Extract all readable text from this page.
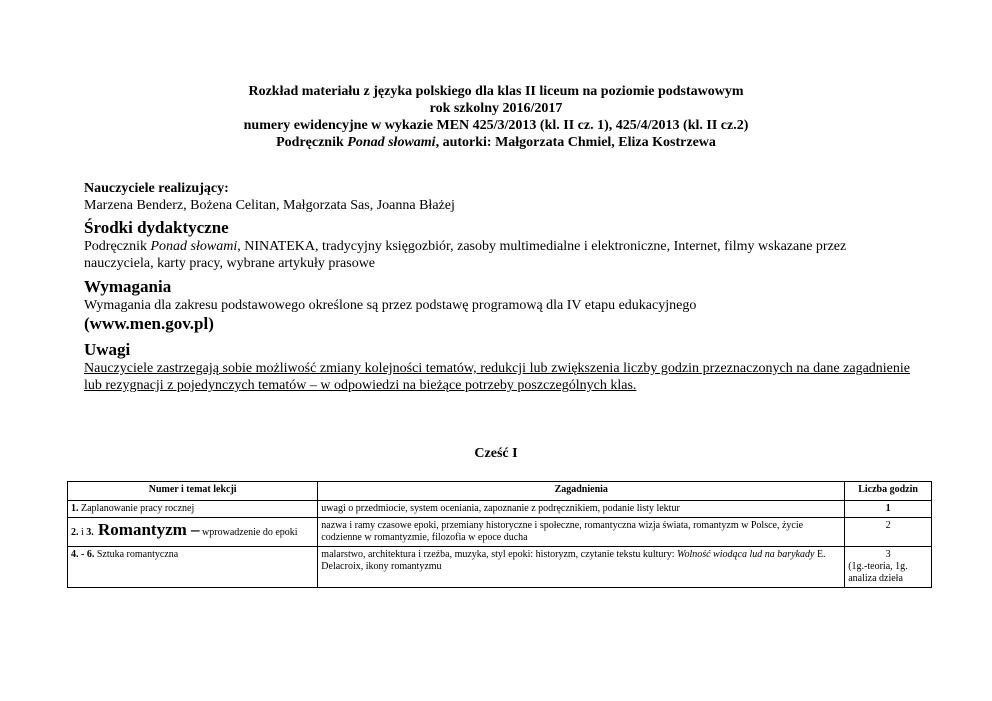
Rozkład materiału z języka polskiego dla klas II liceum na poziomie podstawowym
rok szkolny 2016/2017
numery ewidencyjne w wykazie MEN 425/3/2013 (kl. II cz. 1), 425/4/2013 (kl. II cz.2)
Podręcznik Ponad słowami, autorki: Małgorzata Chmiel, Eliza Kostrzewa
Nauczyciele realizujący:
Marzena Benderz, Bożena Celitan, Małgorzata Sas, Joanna Błażej
Środki dydaktyczne
Podręcznik Ponad słowami, NINATEKA, tradycyjny księgozbiór, zasoby multimedialne i elektroniczne, Internet, filmy wskazane przez nauczyciela, karty pracy, wybrane artykuły prasowe
Wymagania
Wymagania dla zakresu podstawowego określone są przez podstawę programową dla IV etapu edukacyjnego
(www.men.gov.pl)
Uwagi
Nauczyciele zastrzegają sobie możliwość zmiany kolejności tematów, redukcji lub zwiększenia liczby godzin przeznaczonych na dane zagadnienie lub rezygnacji z pojedynczych tematów – w odpowiedzi na bieżące potrzeby poszczególnych klas.
Cześć I
Numer i temat lekcji	Zagadnienia	Liczba godzin
1. Zaplanowanie pracy rocznej	uwagi o przedmiocie, system oceniania, zapoznanie z podręcznikiem, podanie listy lektur	1
2. i 3. Romantyzm – wprowadzenie do epoki	nazwa i ramy czasowe epoki, przemiany historyczne i społeczne, romantyczna wizja świata, romantyzm w Polsce, życie codzienne w romantyzmie, filozofia w epoce ducha	2
4. - 6. Sztuka romantyczna	malarstwo, architektura i rzeźba, muzyka, styl epoki: historyzm, czytanie tekstu kultury: Wolność wiodąca lud na barykady E. Delacroix, ikony romantyzmu	3
(1g.-teoria, 1g. analiza dzieła
